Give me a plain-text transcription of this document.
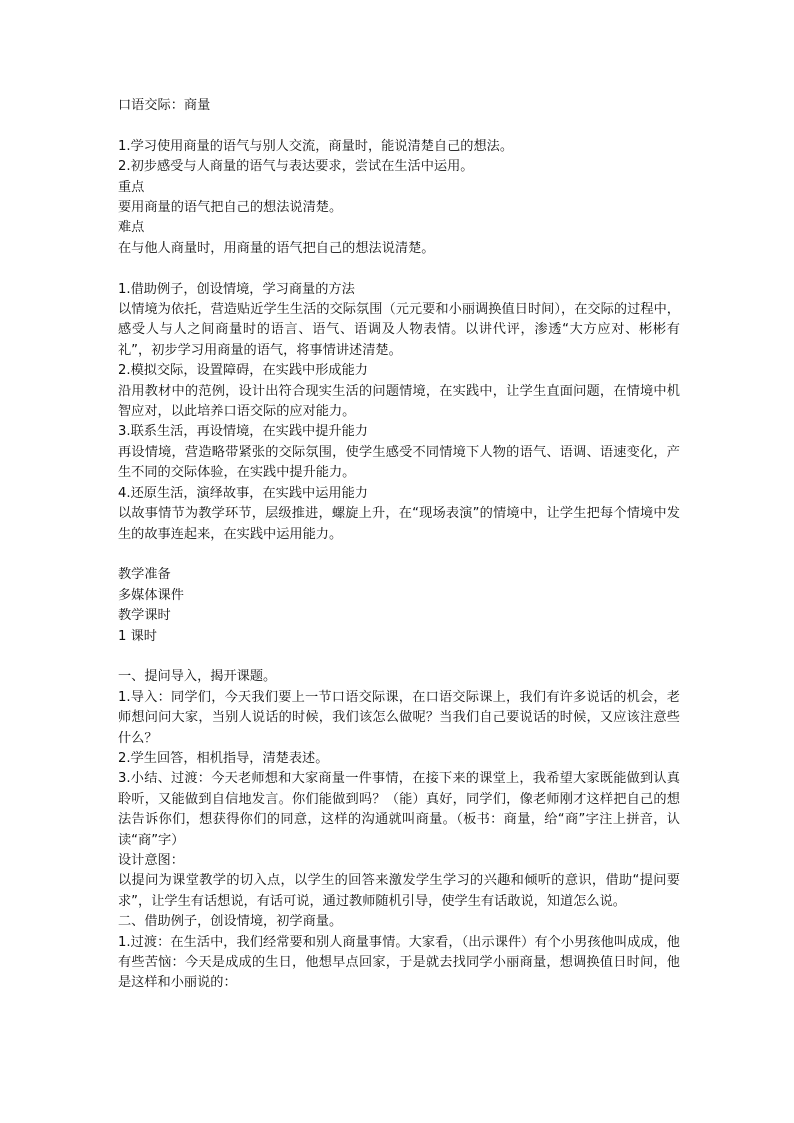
口语交际：商量

1.学习使用商量的语气与别人交流，商量时，能说清楚自己的想法。

2.初步感受与人商量的语气与表达要求，尝试在生活中运用。

重点

要用商量的语气把自己的想法说清楚。

难点

在与他人商量时，用商量的语气把自己的想法说清楚。

1.借助例子，创设情境，学习商量的方法

以情境为依托，营造贴近学生生活的交际氛围（元元要和小丽调换值日时间），在交际的过程中，感受人与人之间商量时的语言、语气、语调及人物表情。以讲代评，渗透“大方应对、彬彬有礼”，初步学习用商量的语气，将事情讲述清楚。

2.模拟交际，设置障碍，在实践中形成能力

沿用教材中的范例，设计出符合现实生活的问题情境，在实践中，让学生直面问题，在情境中机智应对，以此培养口语交际的应对能力。

3.联系生活，再设情境，在实践中提升能力

再设情境，营造略带紧张的交际氛围，使学生感受不同情境下人物的语气、语调、语速变化，产生不同的交际体验，在实践中提升能力。

4.还原生活，演绎故事，在实践中运用能力

以故事情节为教学环节，层级推进，螺旋上升，在“现场表演”的情境中，让学生把每个情境中发生的故事连起来，在实践中运用能力。

教学准备

多媒体课件

教学课时

1 课时

一、提问导入，揭开课题。

1.导入：同学们，今天我们要上一节口语交际课，在口语交际课上，我们有许多说话的机会，老师想问问大家，当别人说话的时候，我们该怎么做呢？当我们自己要说话的时候，又应该注意些什么？

2.学生回答，相机指导，清楚表述。

3.小结、过渡：今天老师想和大家商量一件事情，在接下来的课堂上，我希望大家既能做到认真聆听，又能做到自信地发言。你们能做到吗？（能）真好，同学们，像老师刚才这样把自己的想法告诉你们，想获得你们的同意，这样的沟通就叫商量。（板书：商量，给“商”字注上拼音，认读“商”字）

设计意图：

以提问为课堂教学的切入点，以学生的回答来激发学生学习的兴趣和倾听的意识，借助“提问要求”，让学生有话想说，有话可说，通过教师随机引导，使学生有话敢说，知道怎么说。

二、借助例子，创设情境，初学商量。

1.过渡：在生活中，我们经常要和别人商量事情。大家看，（出示课件）有个小男孩他叫成成，他有些苦恼：今天是成成的生日，他想早点回家，于是就去找同学小丽商量，想调换值日时间，他是这样和小丽说的：
